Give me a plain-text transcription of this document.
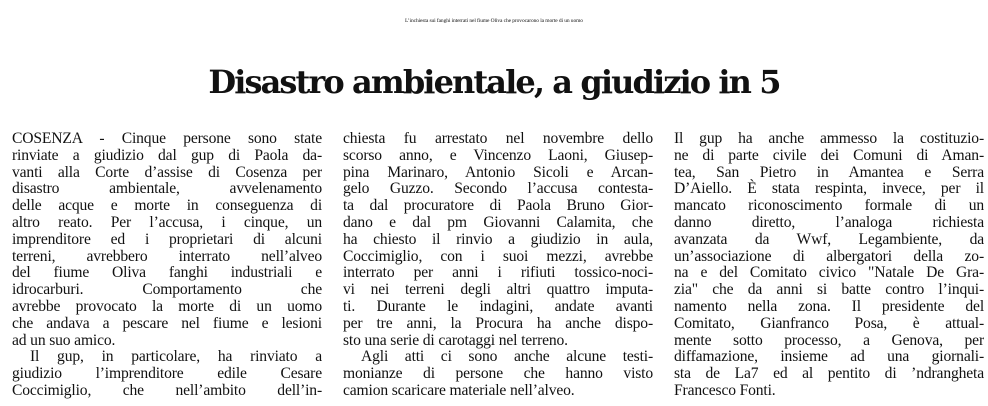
L’inchiesta sui fanghi interrati nel fiume Oliva che provocarono la morte di un uomo
Disastro ambientale, a giudizio in 5
COSENZA - Cinque persone sono state
rinviate a giudizio dal gup di Paola da-
vanti alla Corte d’assise di Cosenza per
disastro ambientale, avvelenamento
delle acque e morte in conseguenza di
altro reato. Per l’accusa, i cinque, un
imprenditore ed i proprietari di alcuni
terreni, avrebbero interrato nell’alveo
del fiume Oliva fanghi industriali e
idrocarburi. Comportamento che
avrebbe provocato la morte di un uomo
che andava a pescare nel fiume e lesioni
ad un suo amico.
Il gup, in particolare, ha rinviato a
giudizio l’imprenditore edile Cesare
Coccimiglio, che nell’ambito dell’in-
chiesta fu arrestato nel novembre dello
scorso anno, e Vincenzo Laoni, Giusep-
pina Marinaro, Antonio Sicoli e Arcan-
gelo Guzzo. Secondo l’accusa contesta-
ta dal procuratore di Paola Bruno Gior-
dano e dal pm Giovanni Calamita, che
ha chiesto il rinvio a giudizio in aula,
Coccimiglio, con i suoi mezzi, avrebbe
interrato per anni i rifiuti tossico-noci-
vi nei terreni degli altri quattro imputa-
ti. Durante le indagini, andate avanti
per tre anni, la Procura ha anche dispo-
sto una serie di carotaggi nel terreno.
Agli atti ci sono anche alcune testi-
monianze di persone che hanno visto
camion scaricare materiale nell’alveo.
Il gup ha anche ammesso la costituzio-
ne di parte civile dei Comuni di Aman-
tea, San Pietro in Amantea e Serra
D’Aiello. È stata respinta, invece, per il
mancato riconoscimento formale di un
danno diretto, l’analoga richiesta
avanzata da Wwf, Legambiente, da
un’associazione di albergatori della zo-
na e del Comitato civico "Natale De Gra-
zia" che da anni si batte contro l’inqui-
namento nella zona. Il presidente del
Comitato, Gianfranco Posa, è attual-
mente sotto processo, a Genova, per
diffamazione, insieme ad una giornali-
sta de La7 ed al pentito di ’ndrangheta
Francesco Fonti.
